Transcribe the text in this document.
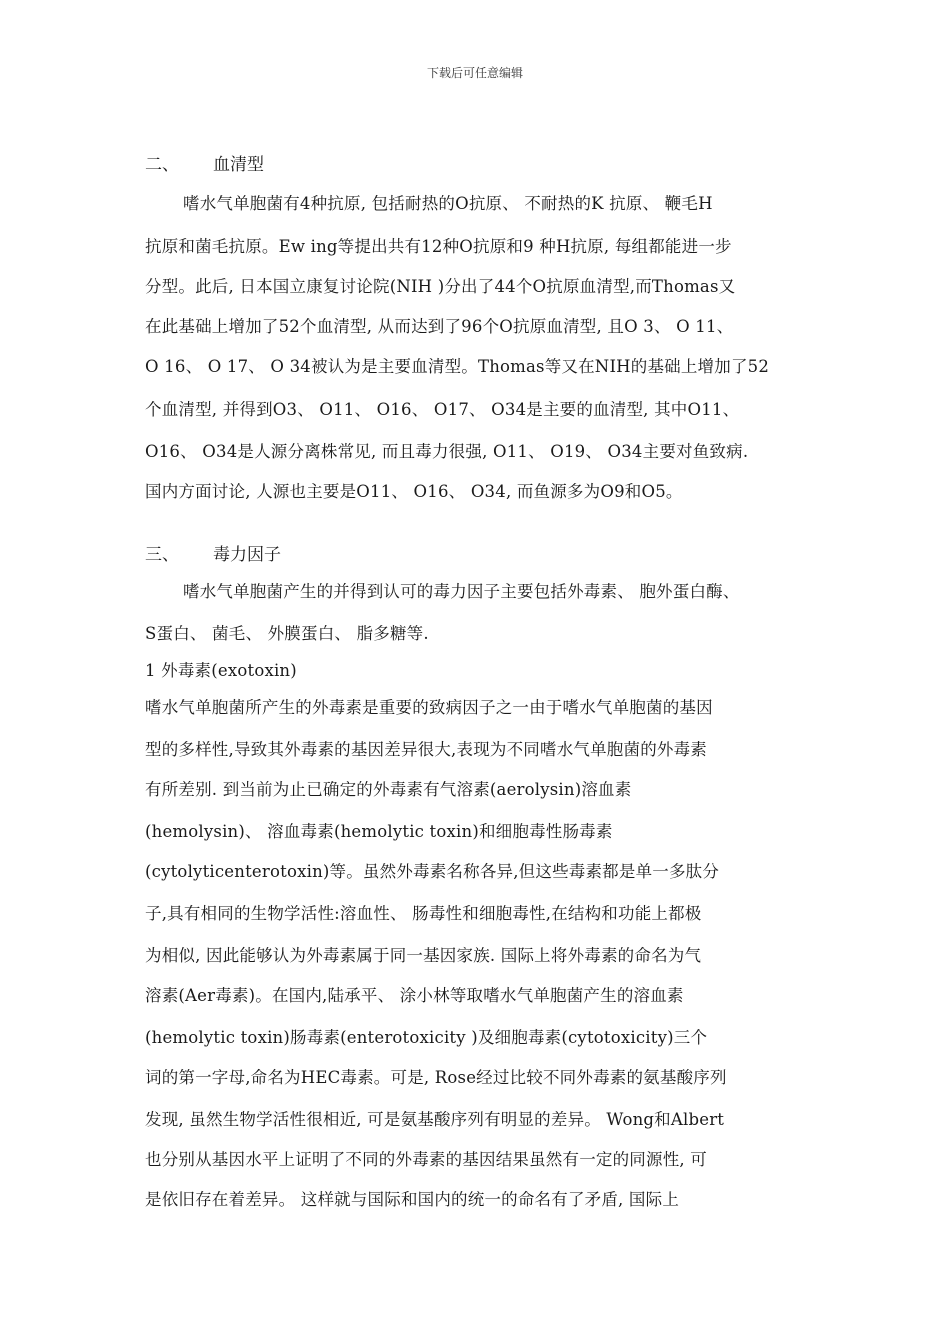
下载后可任意编辑
二、 血清型
嗜水气单胞菌有4种抗原, 包括耐热的O抗原、 不耐热的K 抗原、 鞭毛H
抗原和菌毛抗原。Ew ing等提出共有12种O抗原和9 种H抗原, 每组都能进一步
分型。此后, 日本国立康复讨论院(NIH )分出了44个O抗原血清型,而Thomas又
在此基础上增加了52个血清型, 从而达到了96个O抗原血清型, 且O 3、 O 11、
O 16、 O 17、 O 34被认为是主要血清型。Thomas等又在NIH的基础上增加了52
个血清型, 并得到O3、 O11、 O16、 O17、 O34是主要的血清型, 其中O11、
O16、 O34是人源分离株常见, 而且毒力很强, O11、 O19、 O34主要对鱼致病.
国内方面讨论, 人源也主要是O11、 O16、 O34, 而鱼源多为O9和O5。
三、 毒力因子
嗜水气单胞菌产生的并得到认可的毒力因子主要包括外毒素、 胞外蛋白酶、
S蛋白、 菌毛、 外膜蛋白、 脂多糖等.
1 外毒素(exotoxin)
嗜水气单胞菌所产生的外毒素是重要的致病因子之一由于嗜水气单胞菌的基因
型的多样性,导致其外毒素的基因差异很大,表现为不同嗜水气单胞菌的外毒素
有所差别. 到当前为止已确定的外毒素有气溶素(aerolysin)溶血素
(hemolysin)、 溶血毒素(hemolytic toxin)和细胞毒性肠毒素
(cytolyticenterotoxin)等。虽然外毒素名称各异,但这些毒素都是单一多肽分
子,具有相同的生物学活性:溶血性、 肠毒性和细胞毒性,在结构和功能上都极
为相似, 因此能够认为外毒素属于同一基因家族. 国际上将外毒素的命名为气
溶素(Aer毒素)。在国内,陆承平、 涂小林等取嗜水气单胞菌产生的溶血素
(hemolytic toxin)肠毒素(enterotoxicity )及细胞毒素(cytotoxicity)三个
词的第一字母,命名为HEC毒素。可是, Rose经过比较不同外毒素的氨基酸序列
发现, 虽然生物学活性很相近, 可是氨基酸序列有明显的差异。 Wong和Albert
也分别从基因水平上证明了不同的外毒素的基因结果虽然有一定的同源性, 可
是依旧存在着差异。 这样就与国际和国内的统一的命名有了矛盾, 国际上
